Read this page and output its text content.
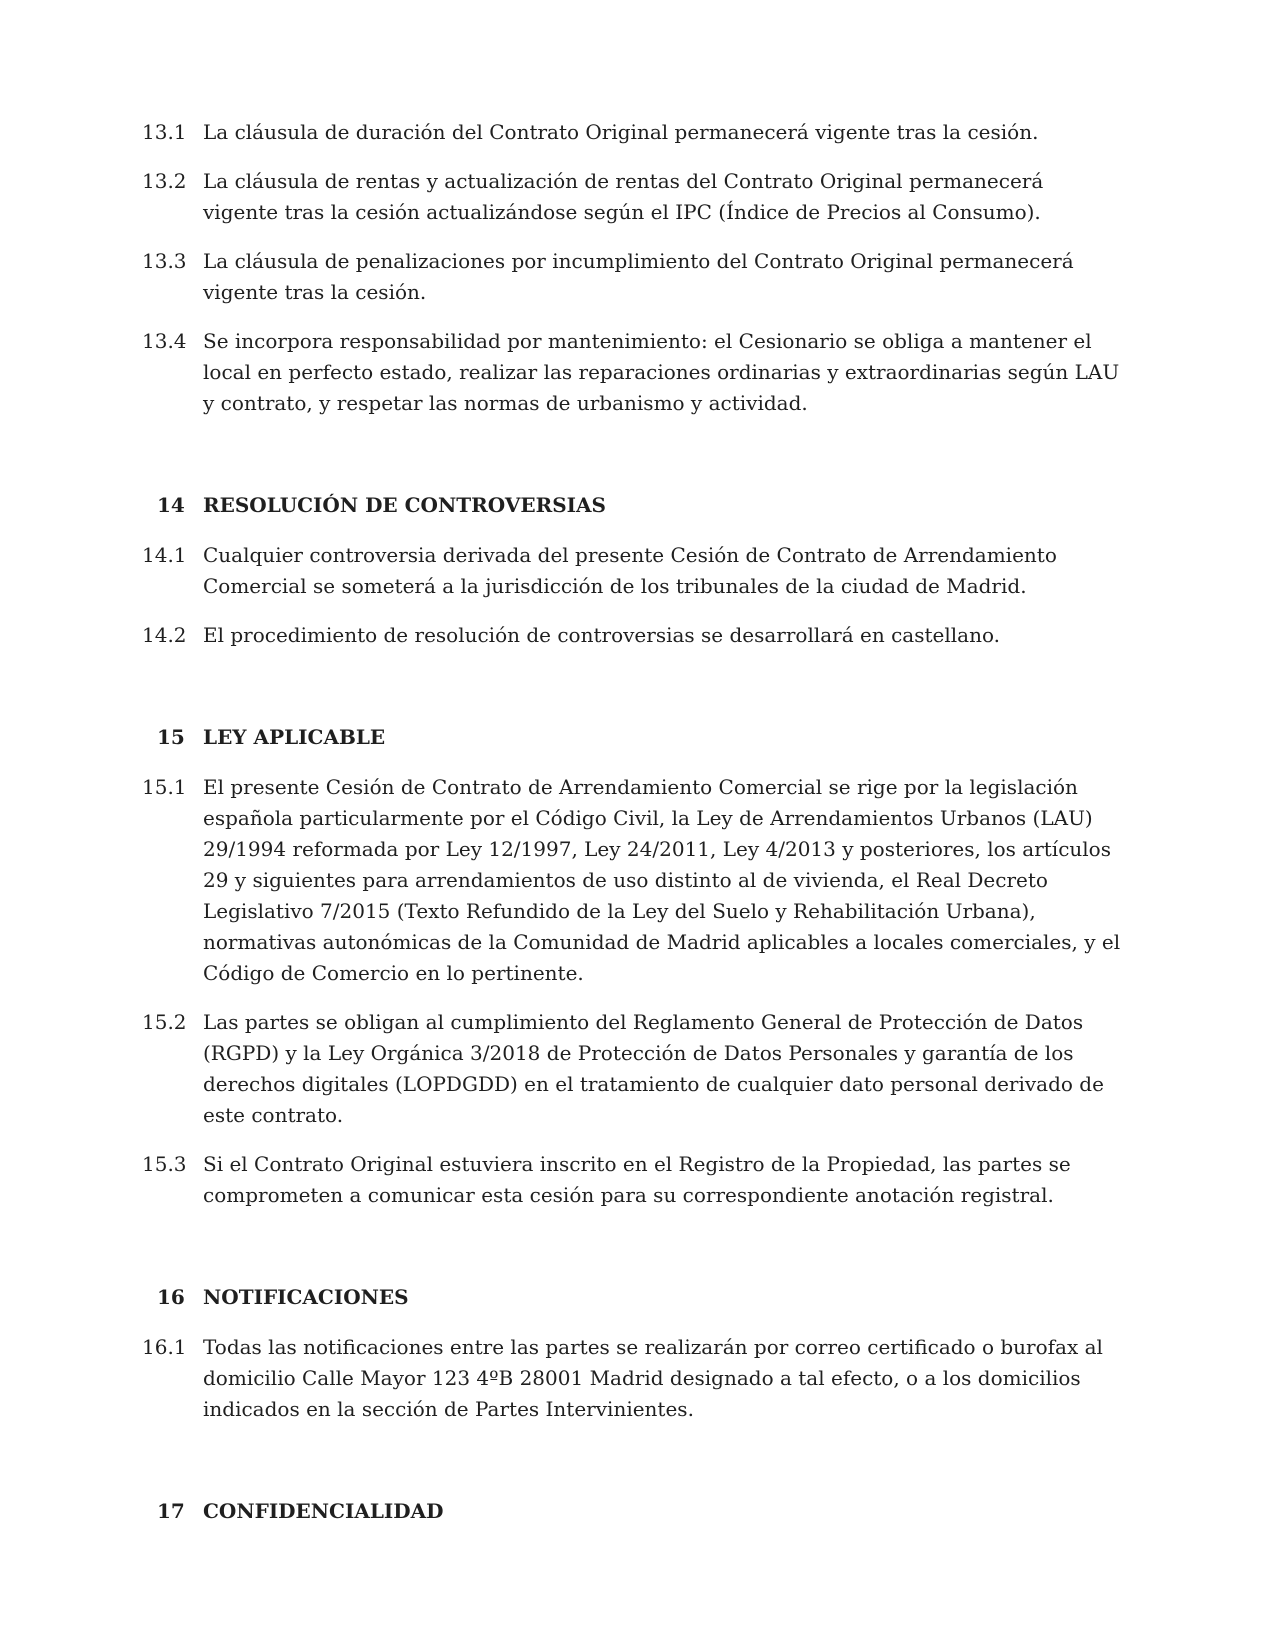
13.1 La cláusula de duración del Contrato Original permanecerá vigente tras la cesión.
13.2 La cláusula de rentas y actualización de rentas del Contrato Original permanecerá vigente tras la cesión actualizándose según el IPC (Índice de Precios al Consumo).
13.3 La cláusula de penalizaciones por incumplimiento del Contrato Original permanecerá vigente tras la cesión.
13.4 Se incorpora responsabilidad por mantenimiento: el Cesionario se obliga a mantener el local en perfecto estado, realizar las reparaciones ordinarias y extraordinarias según LAU y contrato, y respetar las normas de urbanismo y actividad.
14 RESOLUCIÓN DE CONTROVERSIAS
14.1 Cualquier controversia derivada del presente Cesión de Contrato de Arrendamiento Comercial se someterá a la jurisdicción de los tribunales de la ciudad de Madrid.
14.2 El procedimiento de resolución de controversias se desarrollará en castellano.
15 LEY APLICABLE
15.1 El presente Cesión de Contrato de Arrendamiento Comercial se rige por la legislación española particularmente por el Código Civil, la Ley de Arrendamientos Urbanos (LAU) 29/1994 reformada por Ley 12/1997, Ley 24/2011, Ley 4/2013 y posteriores, los artículos 29 y siguientes para arrendamientos de uso distinto al de vivienda, el Real Decreto Legislativo 7/2015 (Texto Refundido de la Ley del Suelo y Rehabilitación Urbana), normativas autonómicas de la Comunidad de Madrid aplicables a locales comerciales, y el Código de Comercio en lo pertinente.
15.2 Las partes se obligan al cumplimiento del Reglamento General de Protección de Datos (RGPD) y la Ley Orgánica 3/2018 de Protección de Datos Personales y garantía de los derechos digitales (LOPDGDD) en el tratamiento de cualquier dato personal derivado de este contrato.
15.3 Si el Contrato Original estuviera inscrito en el Registro de la Propiedad, las partes se comprometen a comunicar esta cesión para su correspondiente anotación registral.
16 NOTIFICACIONES
16.1 Todas las notificaciones entre las partes se realizarán por correo certificado o burofax al domicilio Calle Mayor 123 4ºB 28001 Madrid designado a tal efecto, o a los domicilios indicados en la sección de Partes Intervinientes.
17 CONFIDENCIALIDAD
